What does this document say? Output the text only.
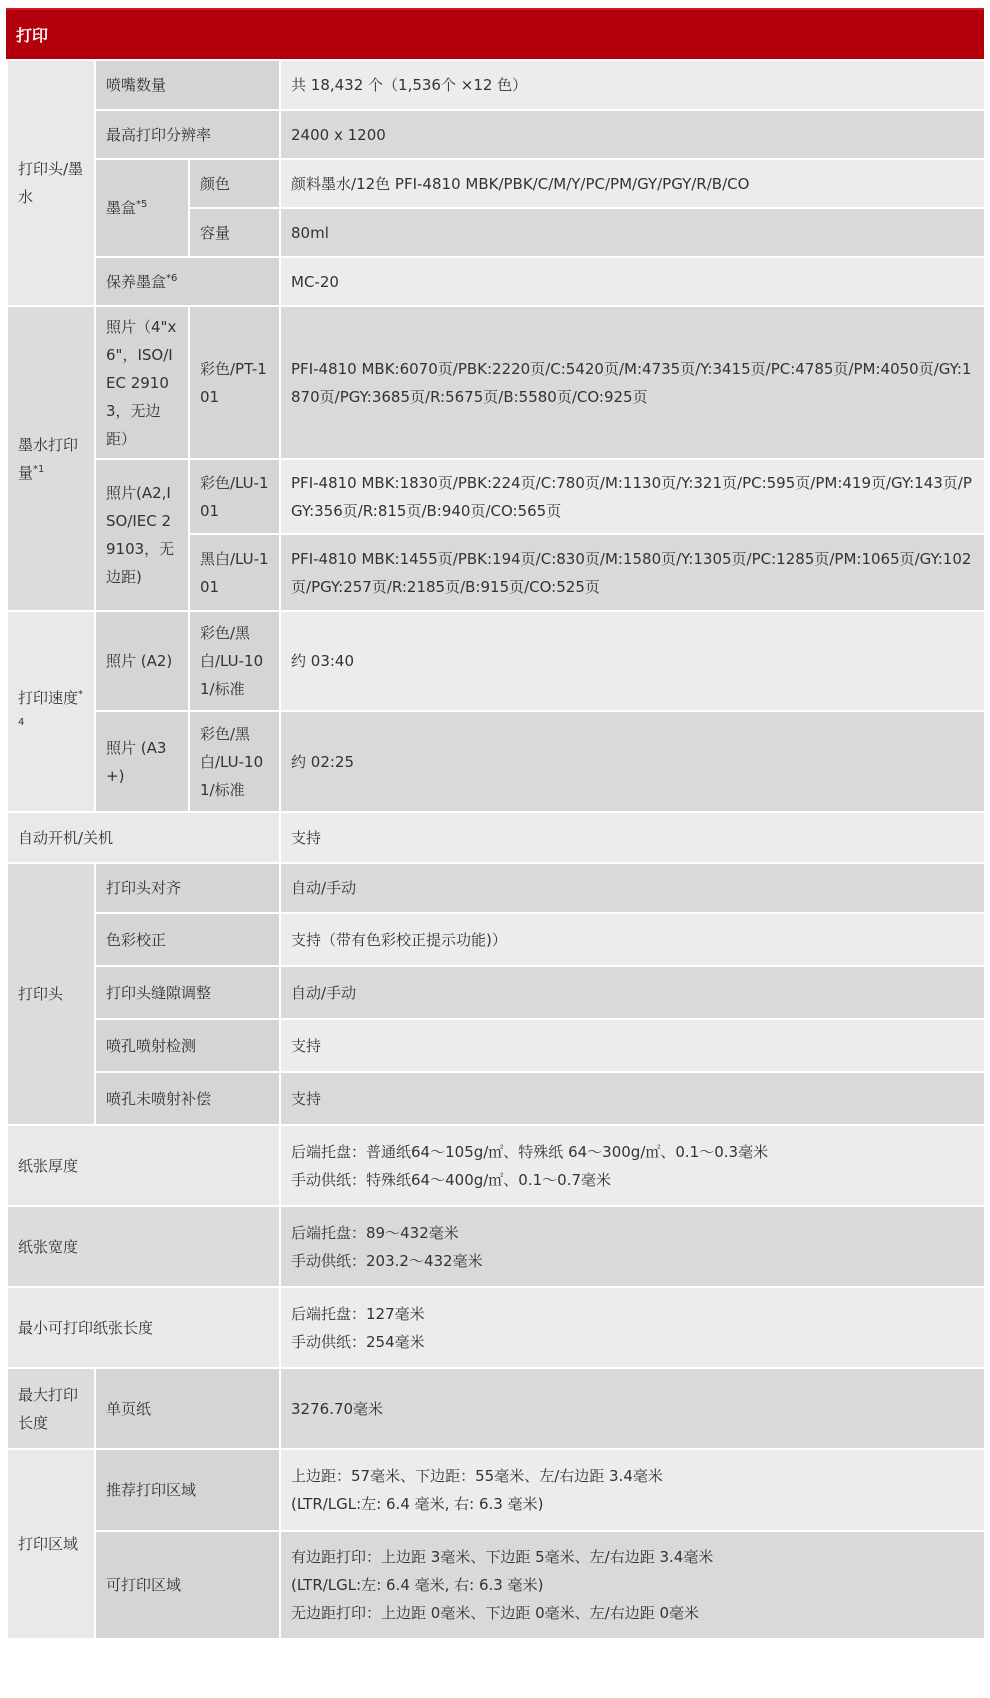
打印
打印头/墨水	喷嘴数量		共 18,432 个（1,536个 ×12 色）
	最高打印分辨率		2400 x 1200
	墨盒$^{*5}$	颜色	颜料墨水/12色 PFI-4810 MBK/PBK/C/M/Y/PC/PM/GY/PGY/R/B/CO
		容量	80ml
	保养墨盒$^{*6}$		MC-20
墨水打印量$^{*1}$	照片（4"x6"，ISO/IEC 29103，无边距）	彩色/PT-101	PFI-4810 MBK:6070页/PBK:2220页/C:5420页/M:4735页/Y:3415页/PC:4785页/PM:4050页/GY:1870页/PGY:3685页/R:5675页/B:5580页/CO:925页
	照片(A2,ISO/IEC 29103，无边距)	彩色/LU-101	PFI-4810 MBK:1830页/PBK:224页/C:780页/M:1130页/Y:321页/PC:595页/PM:419页/GY:143页/PGY:356页/R:815页/B:940页/CO:565页
		黑白/LU-101	PFI-4810 MBK:1455页/PBK:194页/C:830页/M:1580页/Y:1305页/PC:1285页/PM:1065页/GY:102页/PGY:257页/R:2185页/B:915页/CO:525页
打印速度$^{*4}$	照片 (A2)	彩色/黑白/LU-101/标准	约 03:40
	照片 (A3+)	彩色/黑白/LU-101/标准	约 02:25
自动开机/关机			支持
打印头	打印头对齐		自动/手动
	色彩校正		支持（带有色彩校正提示功能)）
	打印头缝隙调整		自动/手动
	喷孔喷射检测		支持
	喷孔未喷射补偿		支持
纸张厚度			后端托盘：普通纸64～105g/㎡、特殊纸 64～300g/㎡、0.1～0.3毫米
手动供纸：特殊纸64～400g/㎡、0.1～0.7毫米

纸张宽度			后端托盘：89～432毫米
手动供纸：203.2～432毫米

最小可打印纸张长度			后端托盘：127毫米
手动供纸：254毫米

最大打印长度	单页纸		3276.70毫米
打印区域	推荐打印区域		上边距：57毫米、下边距：55毫米、左/右边距 3.4毫米
(LTR/LGL:左: 6.4 毫米, 右: 6.3 毫米)

	可打印区域		有边距打印：上边距 3毫米、下边距 5毫米、左/右边距 3.4毫米
(LTR/LGL:左: 6.4 毫米, 右: 6.3 毫米)
无边距打印：上边距 0毫米、下边距 0毫米、左/右边距 0毫米
